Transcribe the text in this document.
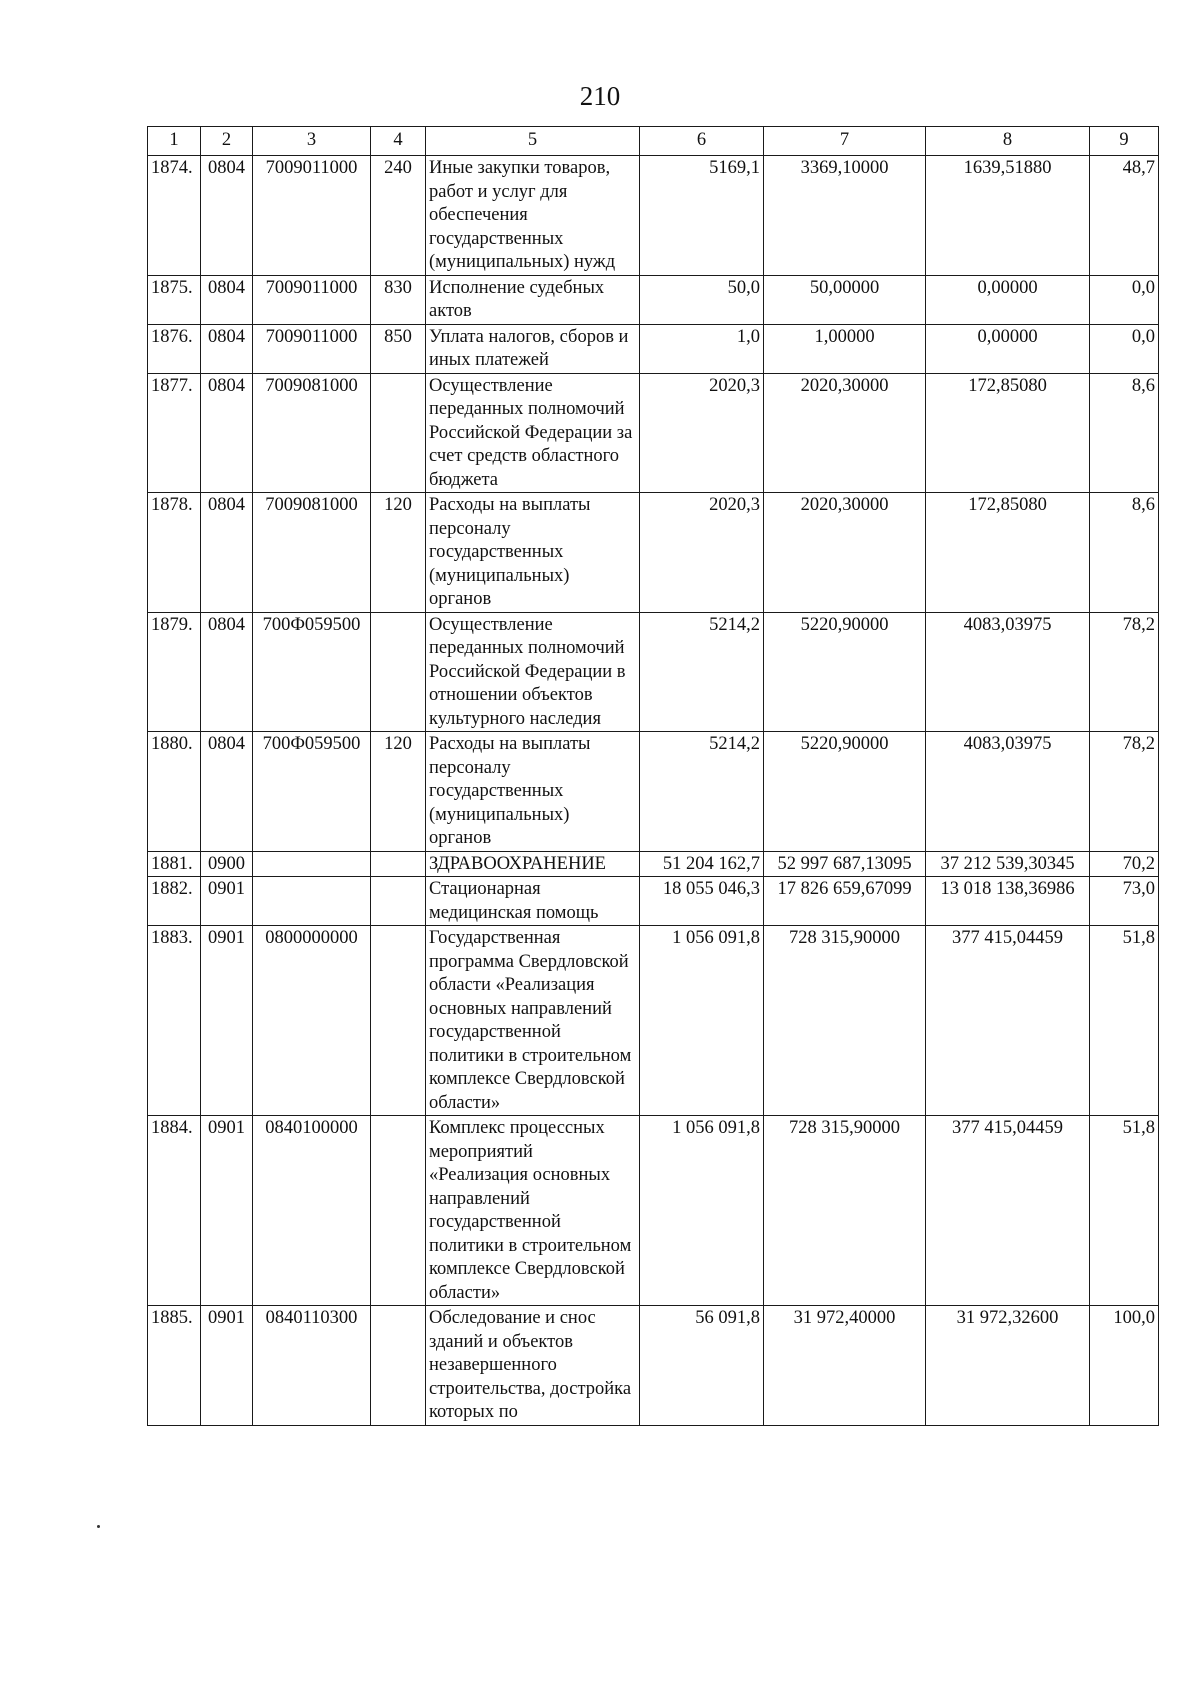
210
1	2	3	4	5	6	7	8	9
1874.	0804	7009011000	240	Иные закупки товаров, работ и услуг для обеспечения государственных (муниципальных) нужд	5169,1	3369,10000	1639,51880	48,7
1875.	0804	7009011000	830	Исполнение судебных актов	50,0	50,00000	0,00000	0,0
1876.	0804	7009011000	850	Уплата налогов, сборов и иных платежей	1,0	1,00000	0,00000	0,0
1877.	0804	7009081000		Осуществление переданных полномочий Российской Федерации за счет средств областного бюджета	2020,3	2020,30000	172,85080	8,6
1878.	0804	7009081000	120	Расходы на выплаты персоналу государственных (муниципальных) органов	2020,3	2020,30000	172,85080	8,6
1879.	0804	700Ф059500		Осуществление переданных полномочий Российской Федерации в отношении объектов культурного наследия	5214,2	5220,90000	4083,03975	78,2
1880.	0804	700Ф059500	120	Расходы на выплаты персоналу государственных (муниципальных) органов	5214,2	5220,90000	4083,03975	78,2
1881.	0900			ЗДРАВООХРАНЕНИЕ	51 204 162,7	52 997 687,13095	37 212 539,30345	70,2
1882.	0901			Стационарная медицинская помощь	18 055 046,3	17 826 659,67099	13 018 138,36986	73,0
1883.	0901	0800000000		Государственная программа Свердловской области «Реализация основных направлений государственной политики в строительном комплексе Свердловской области»	1 056 091,8	728 315,90000	377 415,04459	51,8
1884.	0901	0840100000		Комплекс процессных мероприятий «Реализация основных направлений государственной политики в строительном комплексе Свердловской области»	1 056 091,8	728 315,90000	377 415,04459	51,8
1885.	0901	0840110300		Обследование и снос зданий и объектов незавершенного строительства, достройка которых по	56 091,8	31 972,40000	31 972,32600	100,0
